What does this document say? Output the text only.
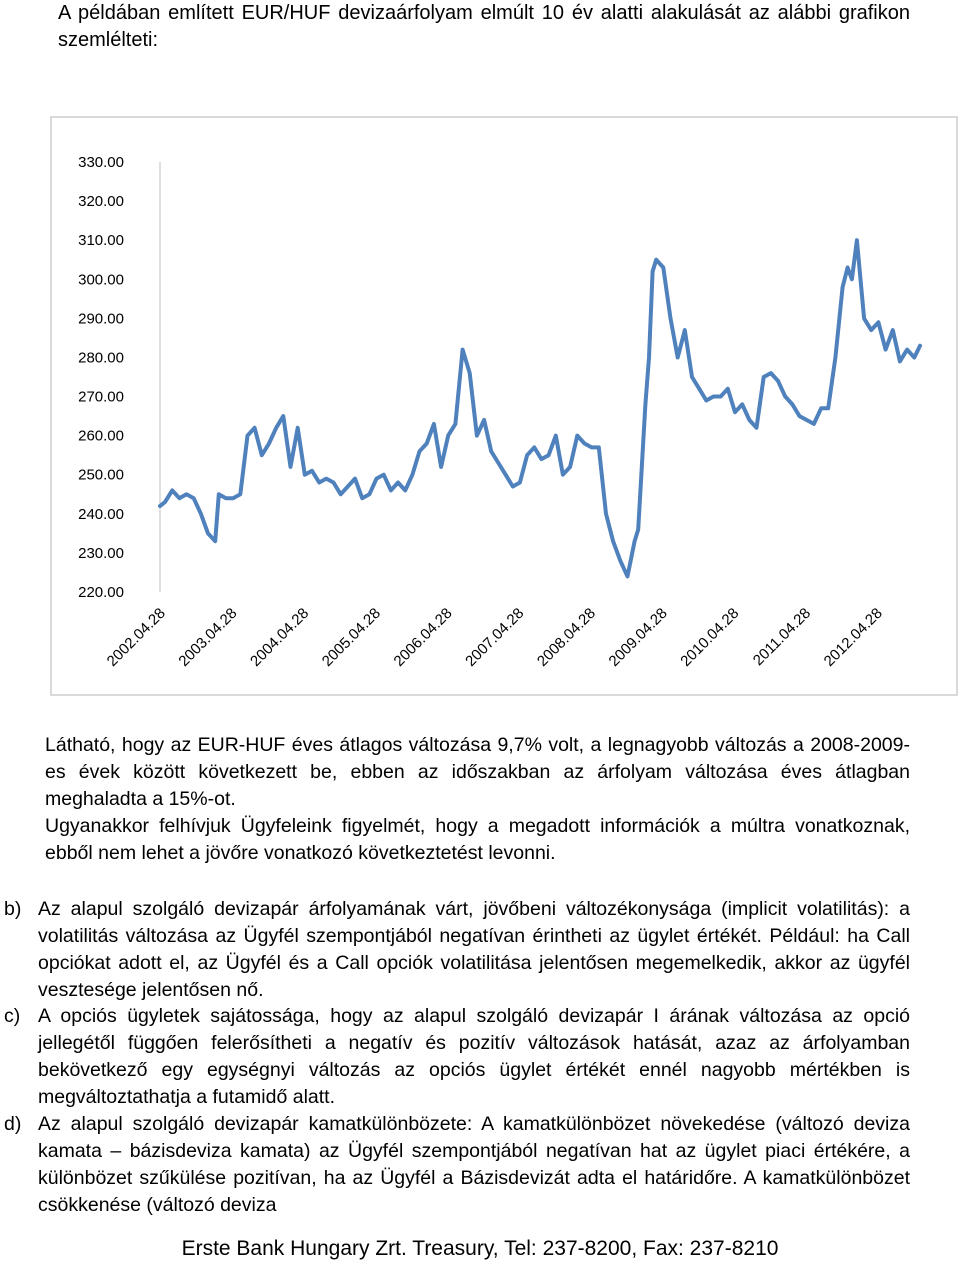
A példában említett EUR/HUF devizaárfolyam elmúlt 10 év alatti alakulását az alábbi grafikon szemlélteti:
330.00
320.00
310.00
300.00
290.00
280.00
270.00
260.00
250.00
240.00
230.00
220.00
2002.04.28 2003.04.28 2004.04.28 2005.04.28 2006.04.28 2007.04.28 2008.04.28 2009.04.28 2010.04.28 2011.04.28 2012.04.28

Látható, hogy az EUR-HUF éves átlagos változása 9,7% volt, a legnagyobb változás a 2008-2009-es évek között következett be, ebben az időszakban az árfolyam változása éves átlagban meghaladta a 15%-ot.

Ugyanakkor felhívjuk Ügyfeleink figyelmét, hogy a megadott információk a múltra vonatkoznak, ebből nem lehet a jövőre vonatkozó következtetést levonni.

b) Az alapul szolgáló devizapár árfolyamának várt, jövőbeni változékonysága (implicit volatilitás): a volatilitás változása az Ügyfél szempontjából negatívan érintheti az ügylet értékét. Például: ha Call opciókat adott el, az Ügyfél és a Call opciók volatilitása jelentősen megemelkedik, akkor az ügyfél vesztesége jelentősen nő.
c) A opciós ügyletek sajátossága, hogy az alapul szolgáló devizapár I árának változása az opció jellegétől függően felerősítheti a negatív és pozitív változások hatását, azaz az árfolyamban bekövetkező egy egységnyi változás az opciós ügylet értékét ennél nagyobb mértékben is megváltoztathatja a futamidő alatt.
d) Az alapul szolgáló devizapár kamatkülönbözete: A kamatkülönbözet növekedése (változó deviza kamata – bázisdeviza kamata) az Ügyfél szempontjából negatívan hat az ügylet piaci értékére, a különbözet szűkülése pozitívan, ha az Ügyfél a Bázisdevizát adta el határidőre. A kamatkülönbözet csökkenése (változó deviza
Erste Bank Hungary Zrt. Treasury, Tel: 237-8200, Fax: 237-8210
